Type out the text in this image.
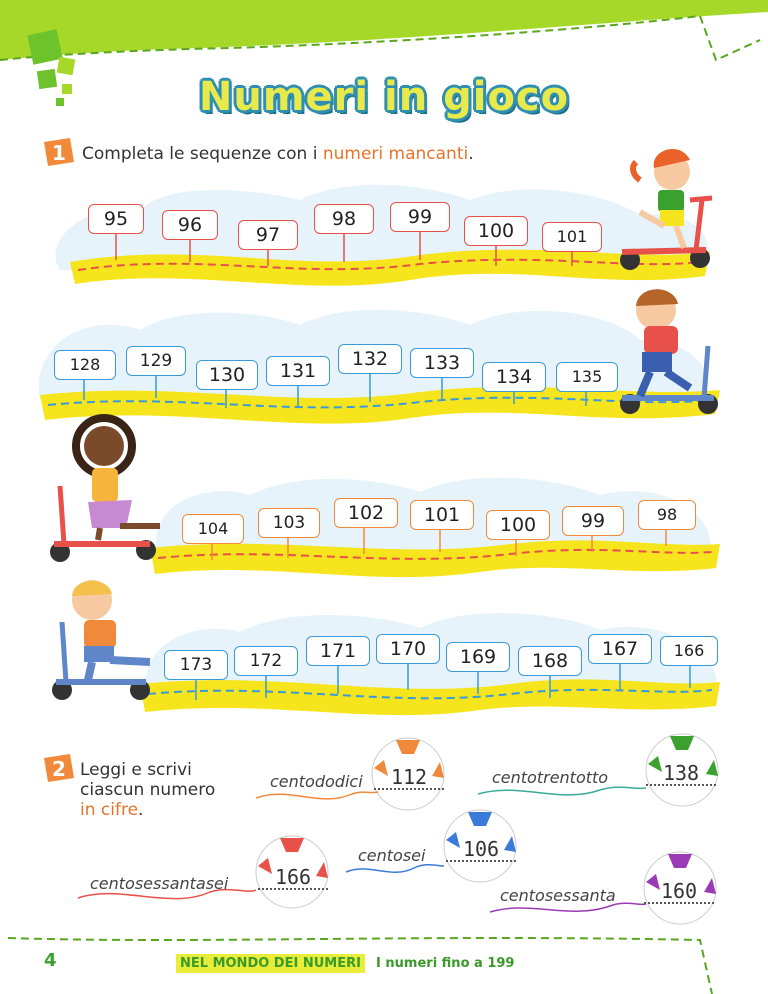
Numeri in gioco
1 Completa le sequenze con i numeri mancanti.
95	96	97
98	99
100	101
128	129
130	131
132	133
134	135
104	103	102	101	100	99	98
173	172	171	170	169	168
167	166
2 Leggi e scrivi
ciascun numero
in cifre.
centododici	112	centotrentotto	138
centosei	106
centosessantasei	166
centosessanta	160
4	NEL MONDO DEI NUMERI I numeri fino a 199
